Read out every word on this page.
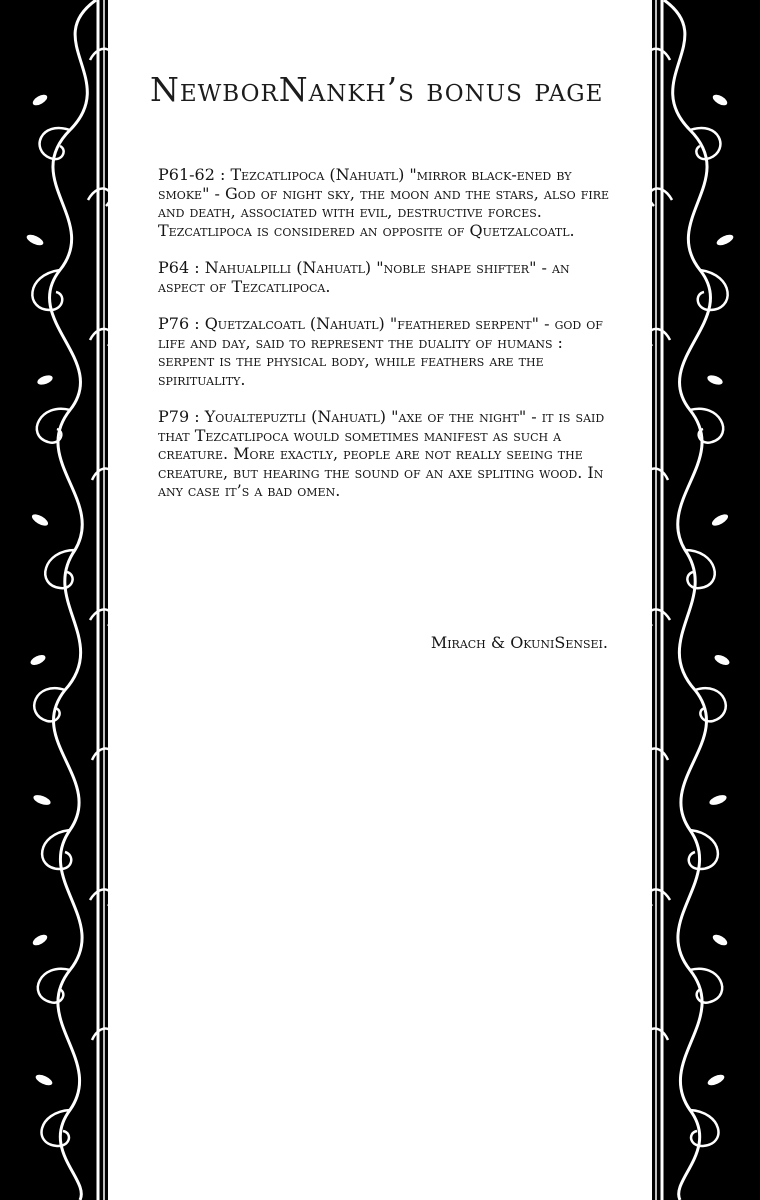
NewborNankh’s bonus page

P61-62 : Tezcatlipoca (Nahuatl) "mirror black-ened by smoke" - God of night sky, the moon and the stars, also fire and death, associated with evil, destructive forces. Tezcatlipoca is considered an opposite of Quetzalcoatl.

P64 : Nahualpilli (Nahuatl) "noble shape shifter" - an aspect of Tezcatlipoca.

P76 : Quetzalcoatl (Nahuatl) "feathered serpent" - god of life and day, said to represent the duality of humans : serpent is the physical body, while feathers are the spirituality.

P79 : Youaltepuztli (Nahuatl) "axe of the night" - it is said that Tezcatlipoca would sometimes manifest as such a creature. More exactly, people are not really seeing the creature, but hearing the sound of an axe spliting wood. In any case it’s a bad omen.

Mirach & OkuniSensei.
